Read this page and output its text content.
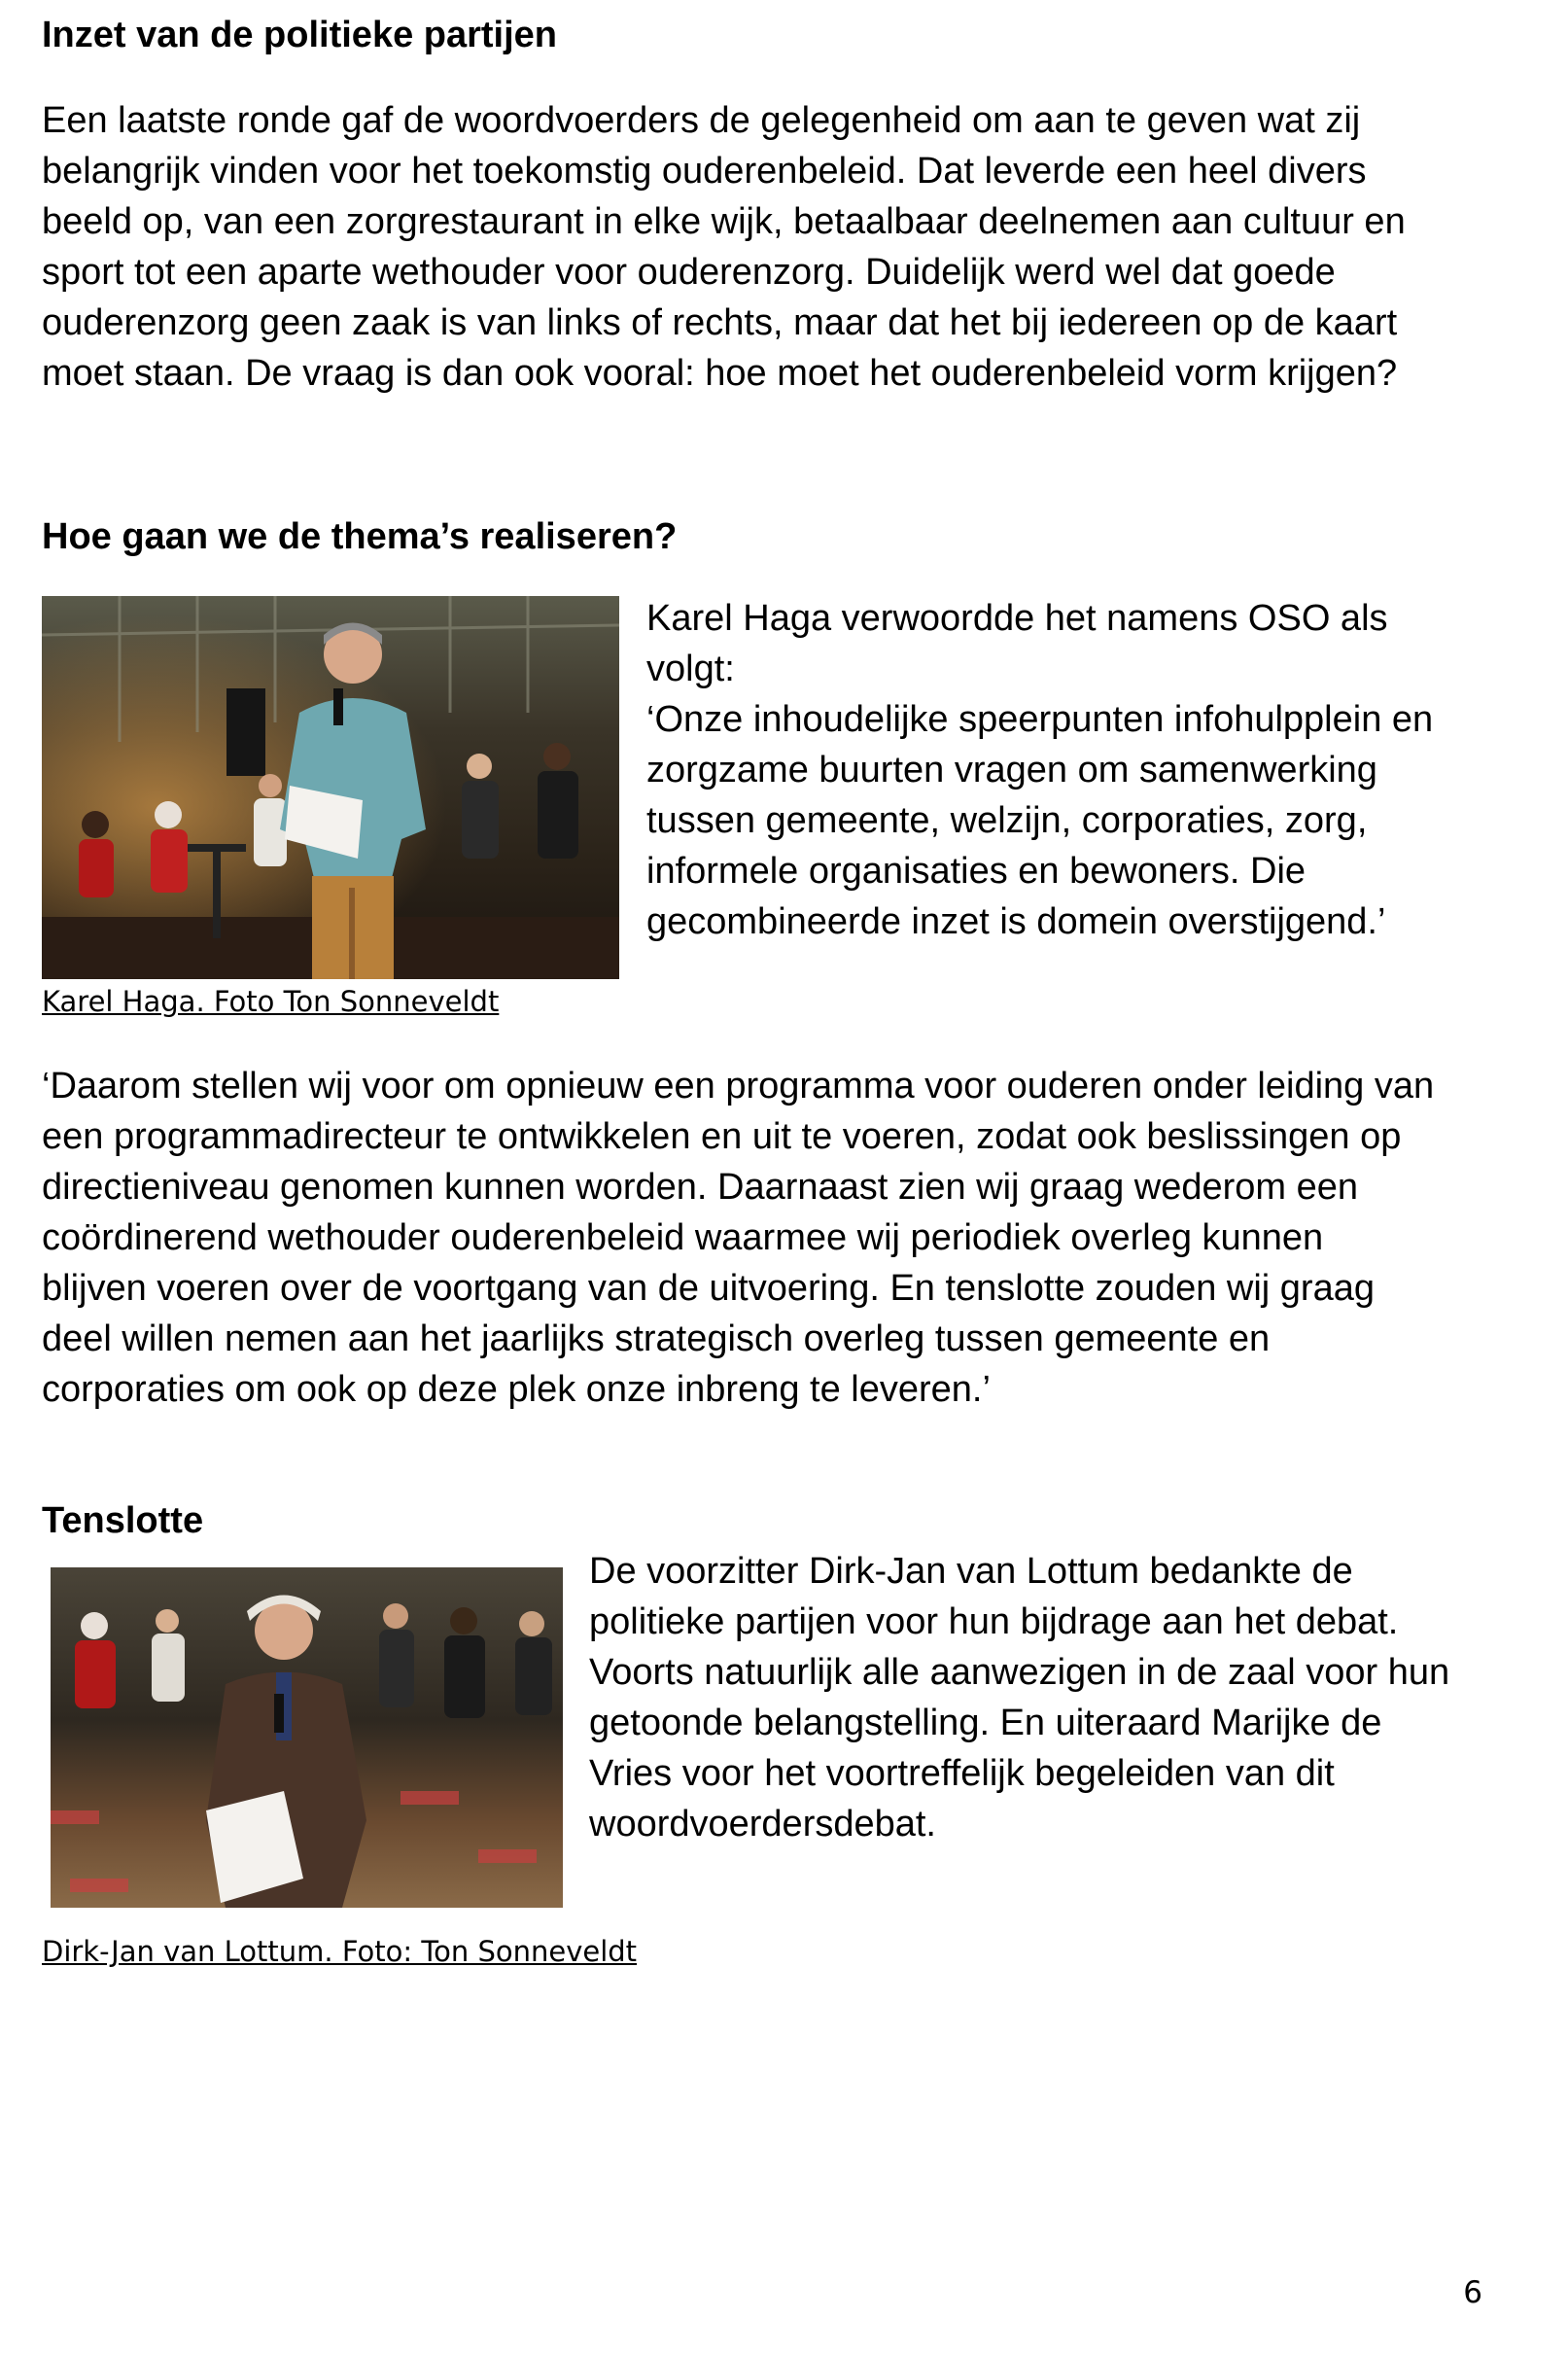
Inzet van de politieke partijen
Een laatste ronde gaf de woordvoerders de gelegenheid om aan te geven wat zij
belangrijk vinden voor het toekomstig ouderenbeleid. Dat leverde een heel divers
beeld op, van een zorgrestaurant in elke wijk, betaalbaar deelnemen aan cultuur en
sport tot een aparte wethouder voor ouderenzorg. Duidelijk werd wel dat goede
ouderenzorg geen zaak is van links of rechts, maar dat het bij iedereen op de kaart
moet staan. De vraag is dan ook vooral: hoe moet het ouderenbeleid vorm krijgen?
Hoe gaan we de thema’s realiseren?
Karel Haga verwoordde het namens OSO als
volgt:
‘Onze inhoudelijke speerpunten infohulpplein en
zorgzame buurten vragen om samenwerking
tussen gemeente, welzijn, corporaties, zorg,
informele organisaties en bewoners. Die
gecombineerde inzet is domein overstijgend.’

Karel Haga. Foto Ton Sonneveldt

‘Daarom stellen wij voor om opnieuw een programma voor ouderen onder leiding van
een programmadirecteur te ontwikkelen en uit te voeren, zodat ook beslissingen op
directieniveau genomen kunnen worden. Daarnaast zien wij graag wederom een
coördinerend wethouder ouderenbeleid waarmee wij periodiek overleg kunnen
blijven voeren over de voortgang van de uitvoering. En tenslotte zouden wij graag
deel willen nemen aan het jaarlijks strategisch overleg tussen gemeente en
corporaties om ook op deze plek onze inbreng te leveren.’
Tenslotte
De voorzitter Dirk-Jan van Lottum bedankte de
politieke partijen voor hun bijdrage aan het debat.
Voorts natuurlijk alle aanwezigen in de zaal voor hun
getoonde belangstelling. En uiteraard Marijke de
Vries voor het voortreffelijk begeleiden van dit
woordvoerdersdebat.

Dirk-Jan van Lottum. Foto: Ton Sonneveldt

6
